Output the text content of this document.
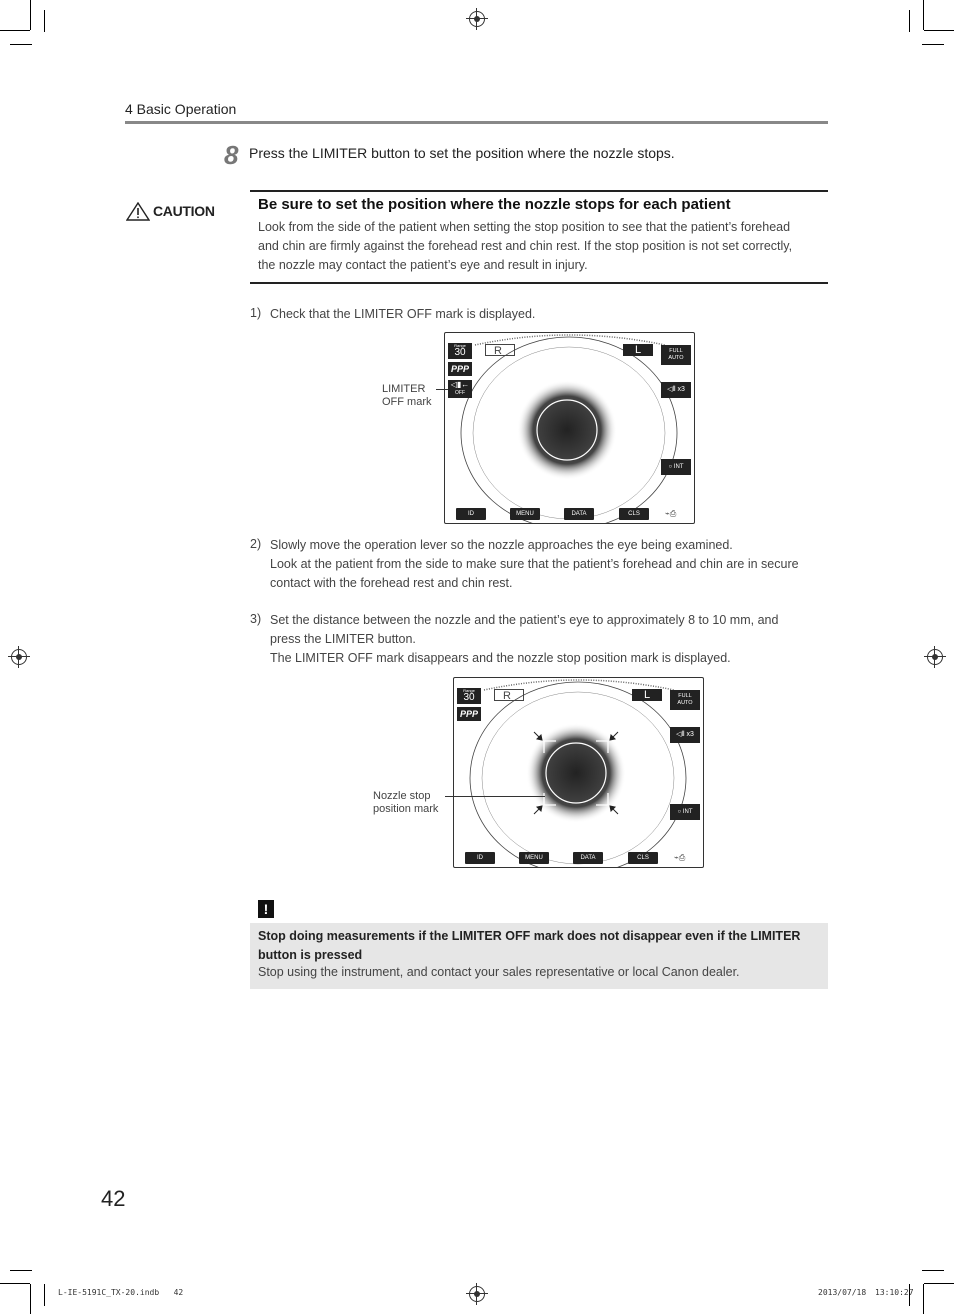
4 Basic Operation
8 Press the LIMITER button to set the position where the nozzle stops.
CAUTION	Be sure to set the position where the nozzle stops for each patient
Look from the side of the patient when setting the stop position to see that the patient’s forehead
and chin are firmly against the forehead rest and chin rest. If the stop position is not set correctly,
the nozzle may contact the patient’s eye and result in injury.
1) Check that the LIMITER OFF mark is displayed.
Range
30
PPP
R	L	FULL
AUTO
◁▮←
OFF	◁⦀ x3
○ INT
ID	MENU	DATA	CLS	⌁⎙
LIMITER
OFF mark
2) Slowly move the operation lever so the nozzle approaches the eye being examined.
Look at the patient from the side to make sure that the patient’s forehead and chin are in secure
contact with the forehead rest and chin rest.
3) Set the distance between the nozzle and the patient’s eye to approximately 8 to 10 mm, and
press the LIMITER button.
The LIMITER OFF mark disappears and the nozzle stop position mark is displayed.
Range
30
PPP
R	L	FULL
AUTO
◁⦀ x3
○ INT
ID	MENU	DATA	CLS	⌁⎙
Nozzle stop
position mark
!
Stop doing measurements if the LIMITER OFF mark does not disappear even if the LIMITER
button is pressed
Stop using the instrument, and contact your sales representative or local Canon dealer.
42
L-IE-5191C_TX-20.indb   42	2013/07/18 13:10:27
